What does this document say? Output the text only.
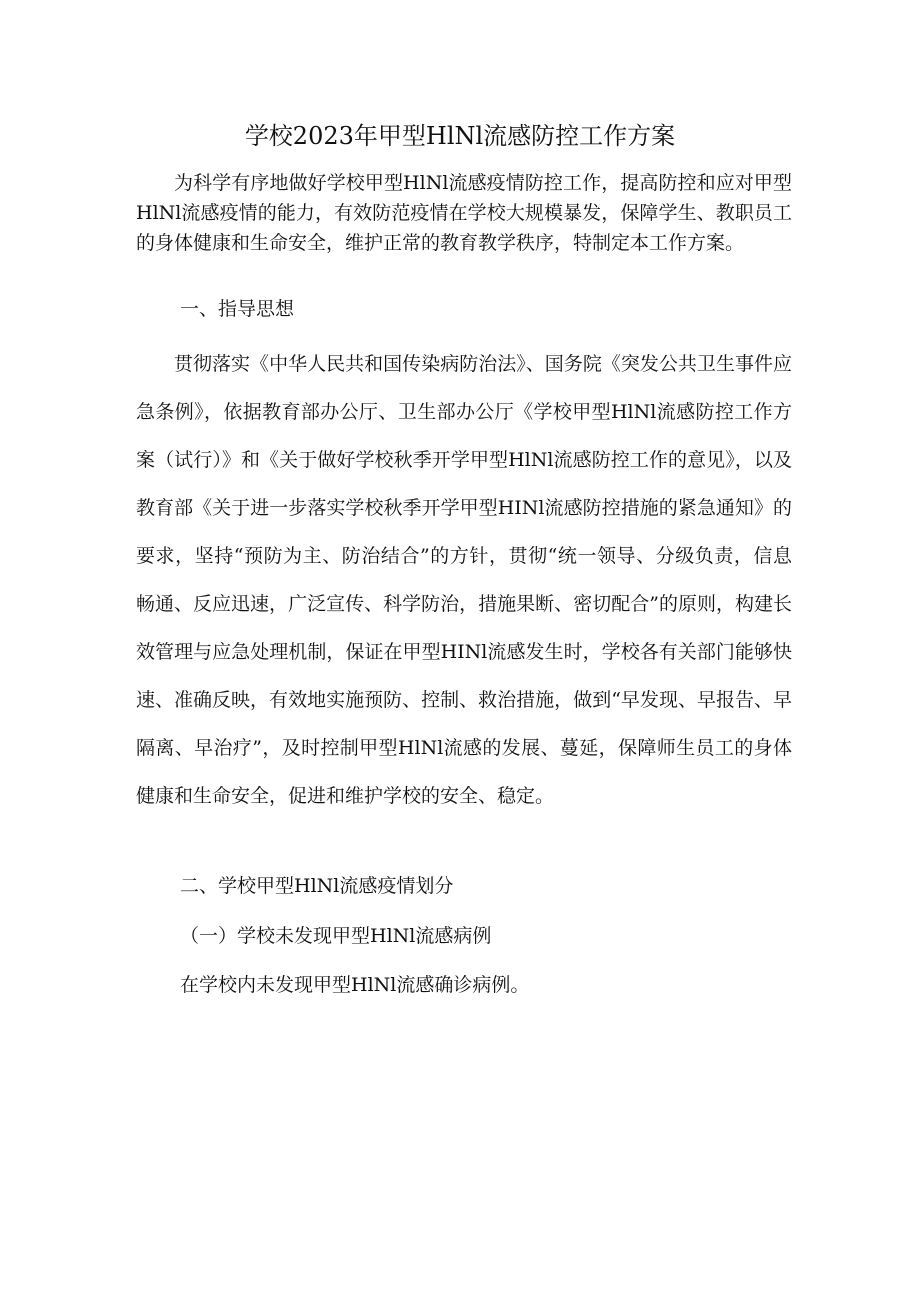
学校2023年甲型HlNl流感防控工作方案

为科学有序地做好学校甲型HlNl流感疫情防控工作，提高防控和应对甲型HlNl流感疫情的能力，有效防范疫情在学校大规模暴发，保障学生、教职员工的身体健康和生命安全，维护正常的教育教学秩序，特制定本工作方案。

一、指导思想

贯彻落实《中华人民共和国传染病防治法》、国务院《突发公共卫生事件应急条例》，依据教育部办公厅、卫生部办公厅《学校甲型HlNl流感防控工作方案（试行）》和《关于做好学校秋季开学甲型HlNl流感防控工作的意见》，以及教育部《关于进一步落实学校秋季开学甲型HINl流感防控措施的紧急通知》的要求，坚持“预防为主、防治结合”的方针，贯彻“统一领导、分级负责，信息畅通、反应迅速，广泛宣传、科学防治，措施果断、密切配合”的原则，构建长效管理与应急处理机制，保证在甲型HINl流感发生时，学校各有关部门能够快速、准确反映，有效地实施预防、控制、救治措施，做到“早发现、早报告、早隔离、早治疗”，及时控制甲型HlNl流感的发展、蔓延，保障师生员工的身体健康和生命安全，促进和维护学校的安全、稳定。

二、学校甲型HlNl流感疫情划分

（一）学校未发现甲型HlNl流感病例

在学校内未发现甲型HlNl流感确诊病例。
